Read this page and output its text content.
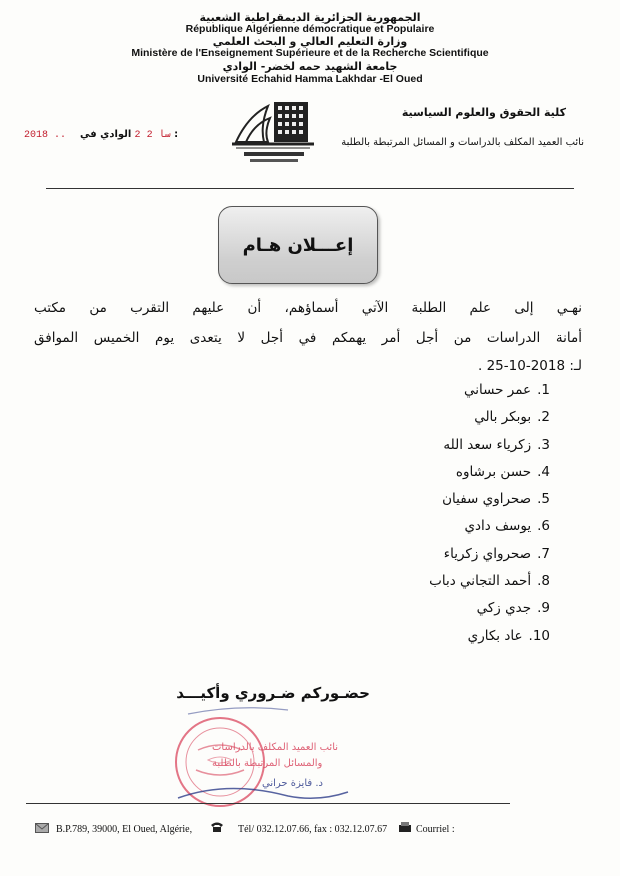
الجمهورية الجزائرية الديمقراطية الشعبية
République Algérienne démocratique et Populaire
وزارة التعليم العالي و البحث العلمي
Ministère de l'Enseignement Supérieure et de la Recherche Scientifique
جامعة الشهيد حمه لخضر- الوادي
Université Echahid Hamma Lakhdar -El Oued
كلية الحقوق والعلوم السياسية
نائب العميد المكلف بالدراسات و المسائل المرتبطة بالطلبة
2018 ..سا 2 2 الوادي في :
إعـــلان هـام
نهـي إلى علم الطلبة الآتي أسماؤهم، أن عليهم التقرب من مكتب
أمانة الدراسات من أجل أمر يهمكم في أجل لا يتعدى يوم الخميس الموافق
لـ: 2018-10-25 .
1.عمر حساني
2.بوبكر بالي
3.زكرياء سعد الله
4.حسن برشاوه
5.صحراوي سفيان
6.يوسف دادي
7.صحرواي زكرياء
8.أحمد التجاني دباب
9.جدي زكي
10.عاد بكاري
حضـوركم ضـروري وأكيـــد
نائب العميد المكلف بالدراسات
والمسائل المرتبطة بالطلبة
د. فايزة حراني
B.P.789, 39000, El Oued, Algérie,	Tél/ 032.12.07.66, fax : 032.12.07.67	Courriel :
